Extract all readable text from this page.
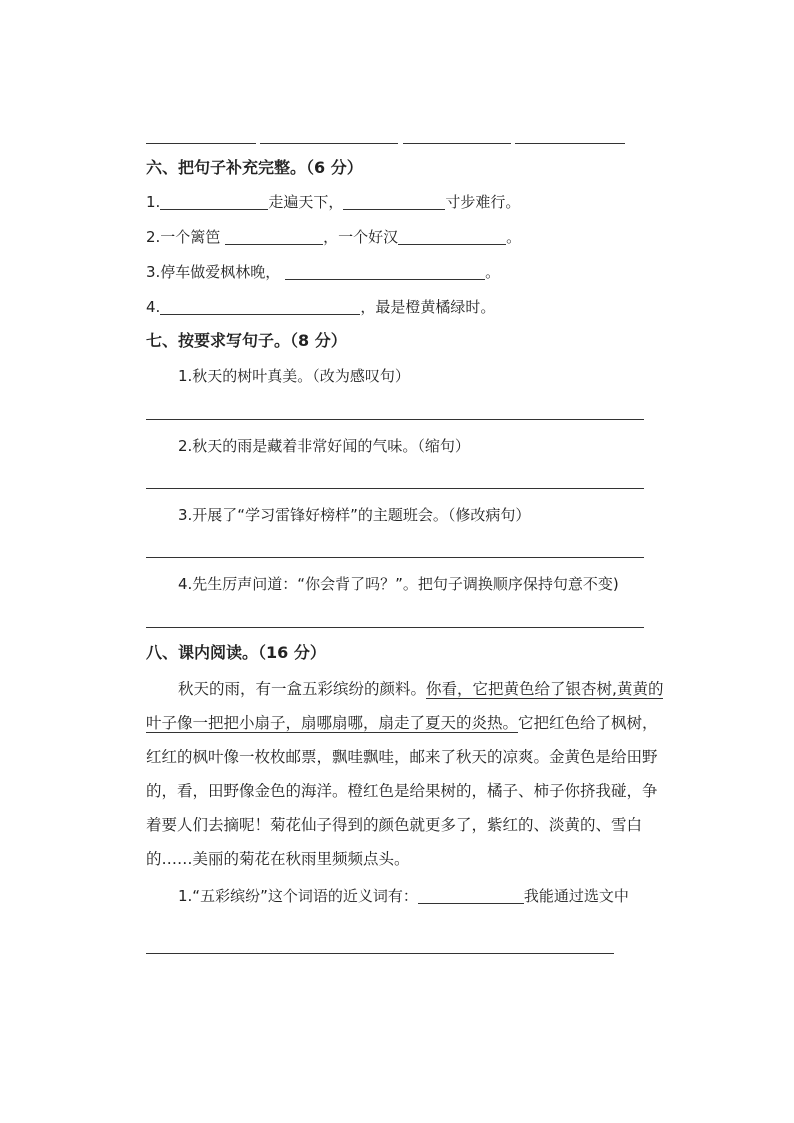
六、把句子补充完整。（6 分）
1.	走遍天下，	寸步难行。
2.一个篱笆	，一个好汉	。
3.停车做爱枫林晚，	。
4.	，最是橙黄橘绿时。
七、按要求写句子。（8 分）
1.秋天的树叶真美。（改为感叹句）
2.秋天的雨是藏着非常好闻的气味。（缩句）
3.开展了“学习雷锋好榜样”的主题班会。（修改病句）
4.先生厉声问道：“你会背了吗？”。把句子调换顺序保持句意不变)
八、课内阅读。（16 分）
秋天的雨，有一盒五彩缤纷的颜料。你看，它把黄色给了银杏树,黄黄的叶子像一把把小扇子，扇哪扇哪，扇走了夏天的炎热。它把红色给了枫树，红红的枫叶像一枚枚邮票，飘哇飘哇，邮来了秋天的凉爽。金黄色是给田野的，看，田野像金色的海洋。橙红色是给果树的，橘子、柿子你挤我碰，争着要人们去摘呢！菊花仙子得到的颜色就更多了，紫红的、淡黄的、雪白的……美丽的菊花在秋雨里频频点头。
1.“五彩缤纷”这个词语的近义词有：	我能通过选文中
